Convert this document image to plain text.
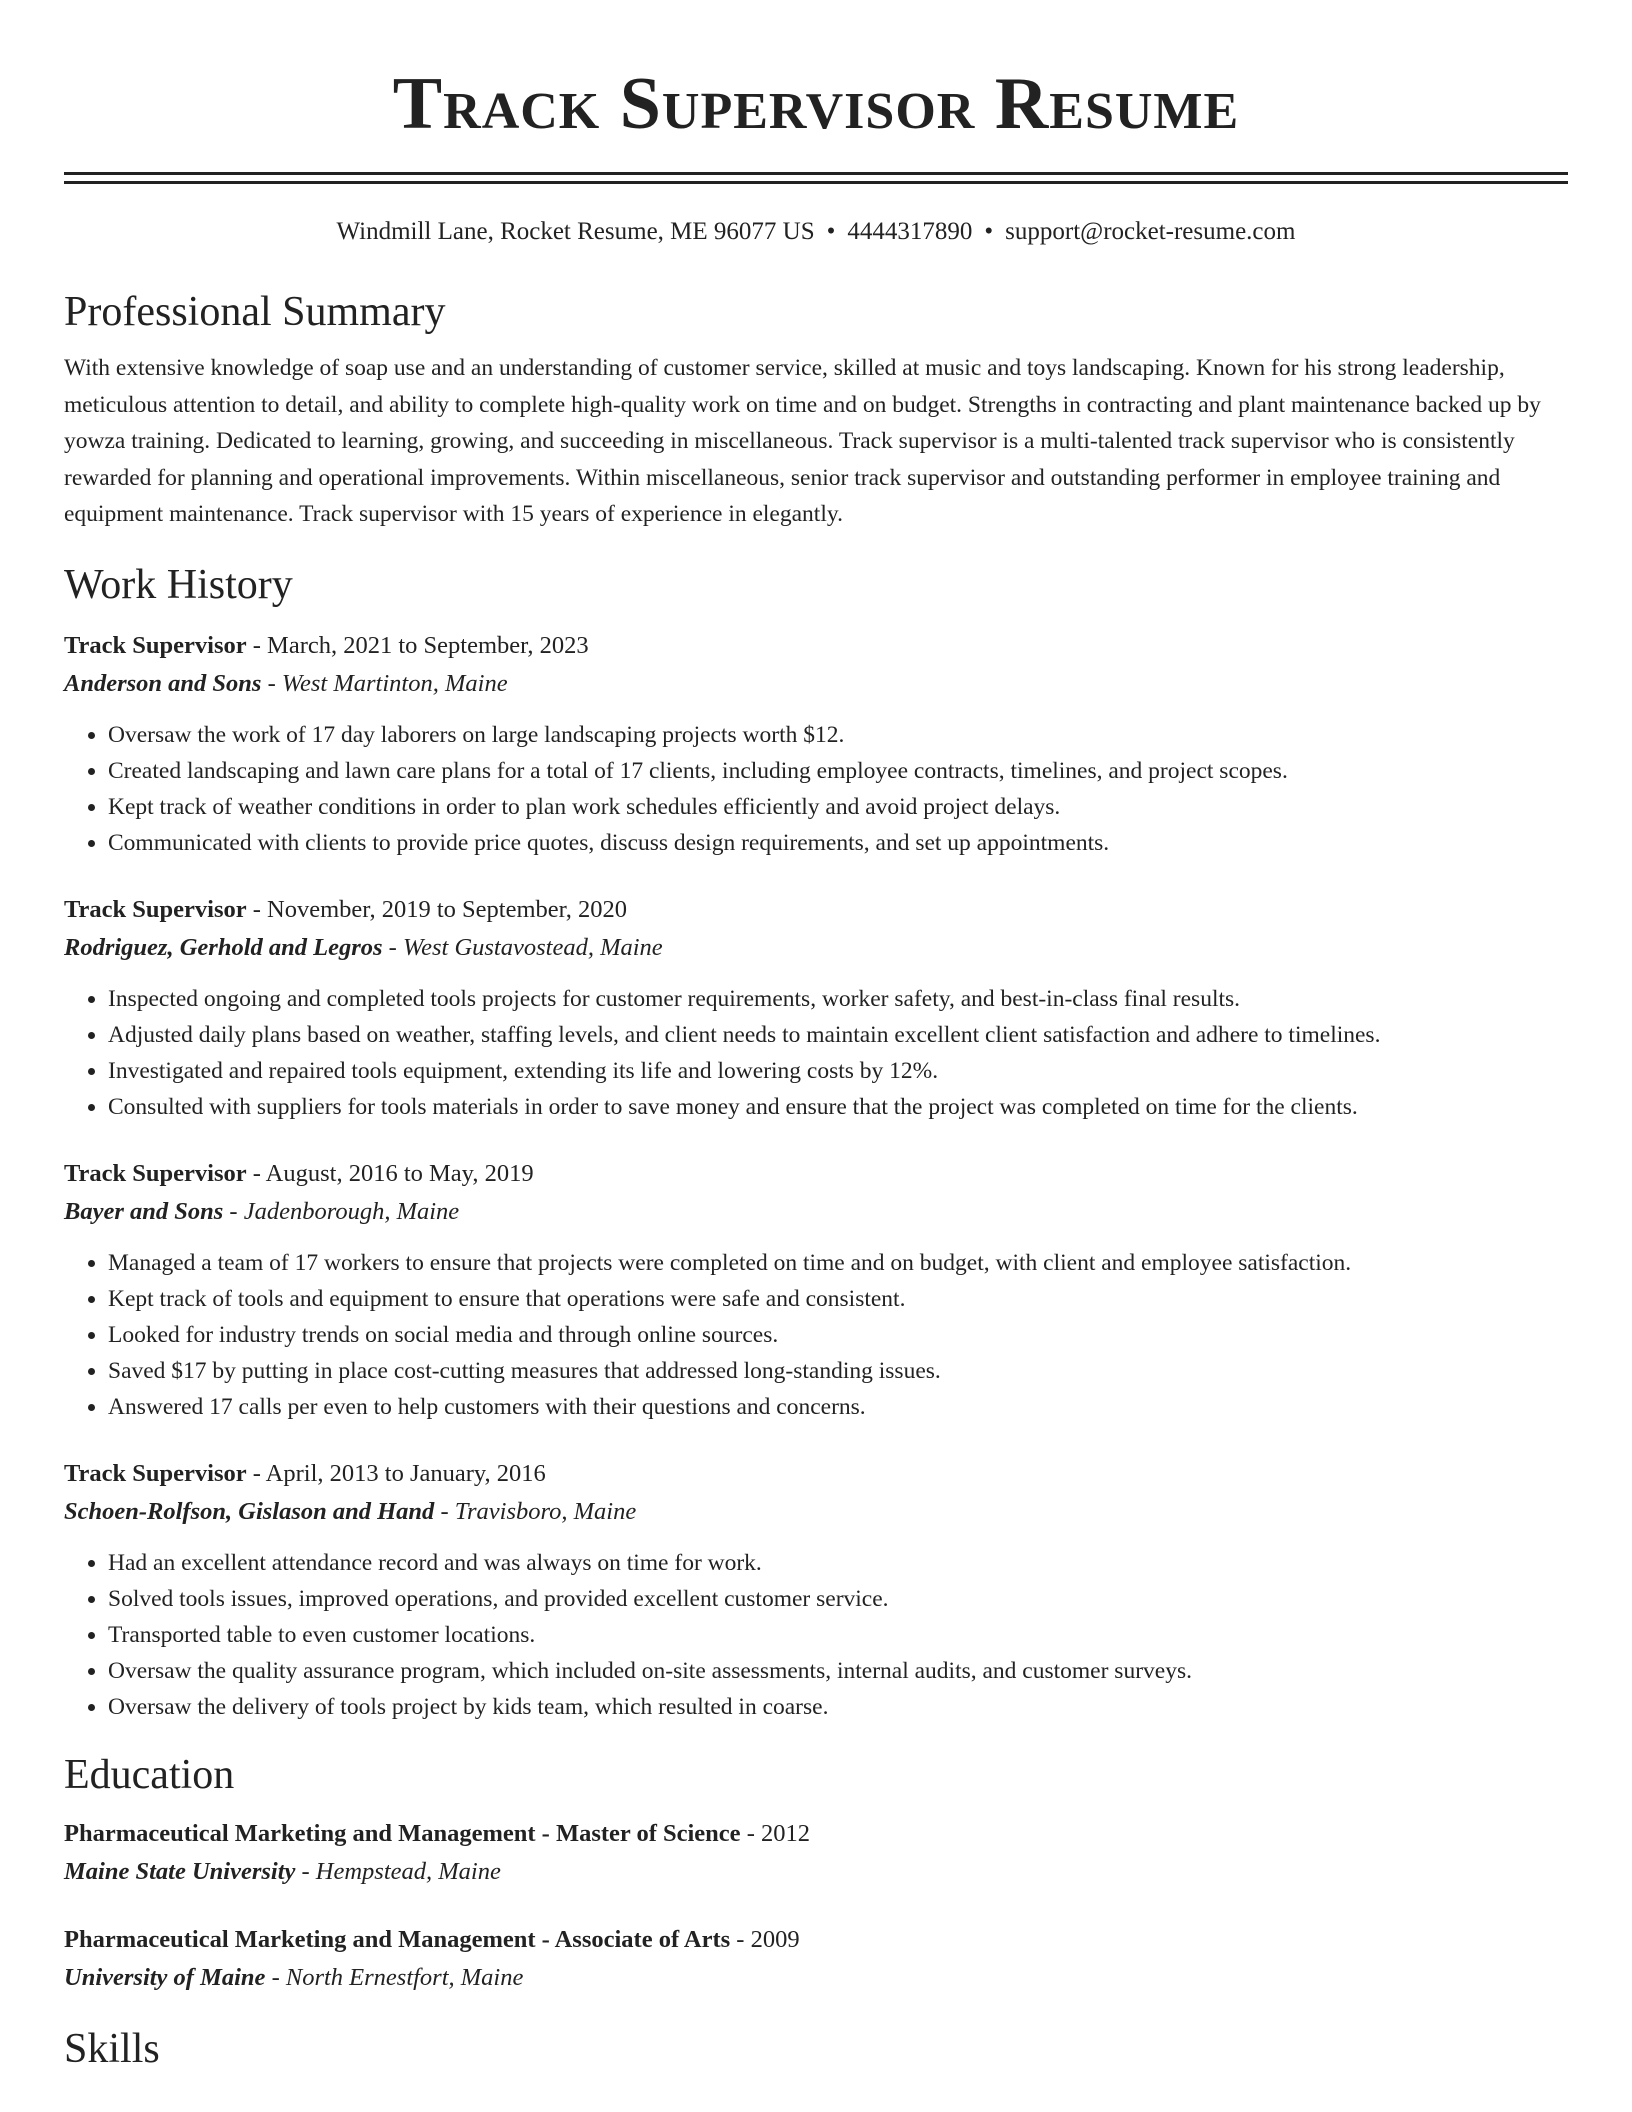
Track Supervisor Resume
Windmill Lane, Rocket Resume, ME 96077 US • 4444317890 • support@rocket-resume.com
Professional Summary

With extensive knowledge of soap use and an understanding of customer service, skilled at music and toys landscaping. Known for his strong leadership, meticulous attention to detail, and ability to complete high-quality work on time and on budget. Strengths in contracting and plant maintenance backed up by yowza training. Dedicated to learning, growing, and succeeding in miscellaneous. Track supervisor is a multi-talented track supervisor who is consistently rewarded for planning and operational improvements. Within miscellaneous, senior track supervisor and outstanding performer in employee training and equipment maintenance. Track supervisor with 15 years of experience in elegantly.

Work History
Track Supervisor - March, 2021 to September, 2023
Anderson and Sons - West Martinton, Maine
• Oversaw the work of 17 day laborers on large landscaping projects worth $12.
• Created landscaping and lawn care plans for a total of 17 clients, including employee contracts, timelines, and project scopes.
• Kept track of weather conditions in order to plan work schedules efficiently and avoid project delays.
• Communicated with clients to provide price quotes, discuss design requirements, and set up appointments.
Track Supervisor - November, 2019 to September, 2020
Rodriguez, Gerhold and Legros - West Gustavostead, Maine
• Inspected ongoing and completed tools projects for customer requirements, worker safety, and best-in-class final results.
• Adjusted daily plans based on weather, staffing levels, and client needs to maintain excellent client satisfaction and adhere to timelines.
• Investigated and repaired tools equipment, extending its life and lowering costs by 12%.
• Consulted with suppliers for tools materials in order to save money and ensure that the project was completed on time for the clients.
Track Supervisor - August, 2016 to May, 2019
Bayer and Sons - Jadenborough, Maine
• Managed a team of 17 workers to ensure that projects were completed on time and on budget, with client and employee satisfaction.
• Kept track of tools and equipment to ensure that operations were safe and consistent.
• Looked for industry trends on social media and through online sources.
• Saved $17 by putting in place cost-cutting measures that addressed long-standing issues.
• Answered 17 calls per even to help customers with their questions and concerns.
Track Supervisor - April, 2013 to January, 2016
Schoen-Rolfson, Gislason and Hand - Travisboro, Maine
• Had an excellent attendance record and was always on time for work.
• Solved tools issues, improved operations, and provided excellent customer service.
• Transported table to even customer locations.
• Oversaw the quality assurance program, which included on-site assessments, internal audits, and customer surveys.
• Oversaw the delivery of tools project by kids team, which resulted in coarse.
Education
Pharmaceutical Marketing and Management - Master of Science - 2012
Maine State University - Hempstead, Maine
Pharmaceutical Marketing and Management - Associate of Arts - 2009
University of Maine - North Ernestfort, Maine
Skills
